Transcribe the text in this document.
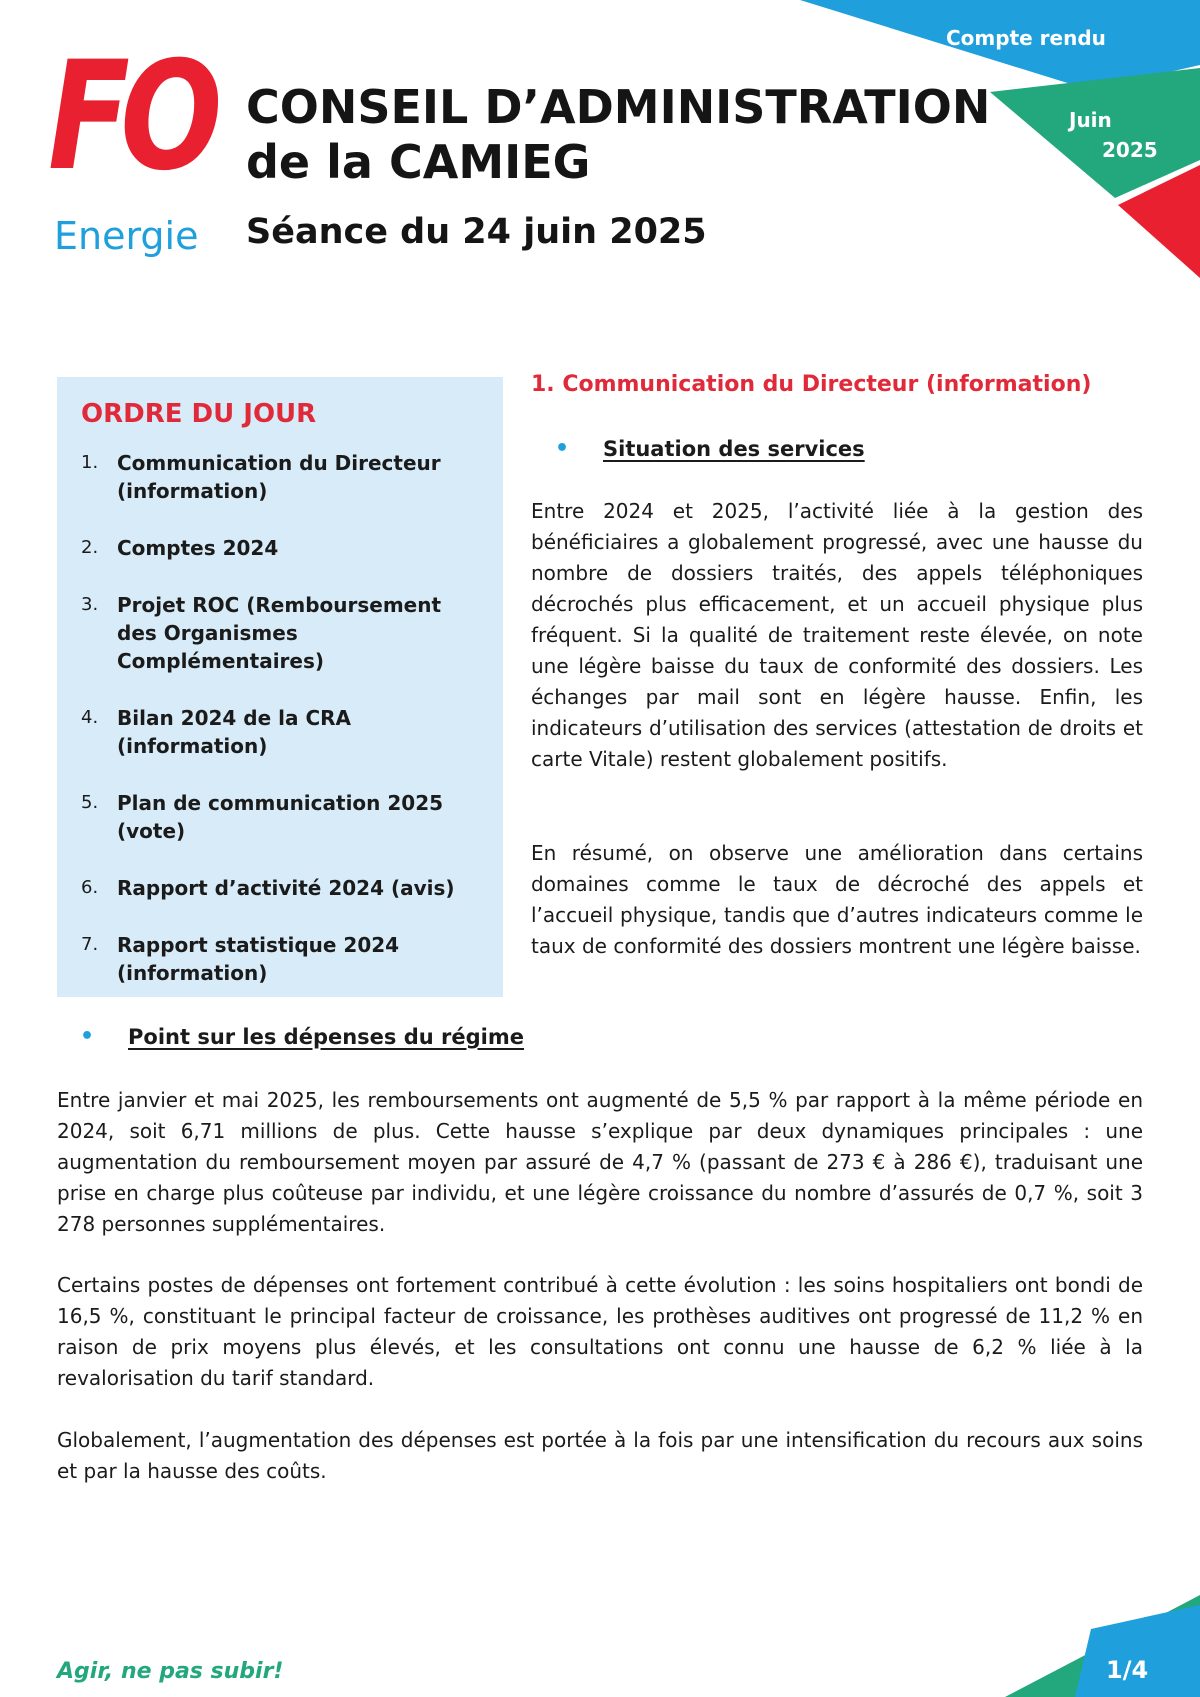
Compte rendu
Juin
2025
FO
Energie
CONSEIL D’ADMINISTRATION
de la CAMIEG
Séance du 24 juin 2025
ORDRE DU JOUR
1. Communication du Directeur (information)
2. Comptes 2024
3. Projet ROC (Remboursement des Organismes Complémentaires)
4. Bilan 2024 de la CRA (information)
5. Plan de communication 2025 (vote)
6. Rapport d’activité 2024 (avis)
7. Rapport statistique 2024 (information)
1. Communication du Directeur (information)
•	Situation des services

Entre 2024 et 2025, l’activité liée à la gestion des bénéficiaires a globalement progressé, avec une hausse du nombre de dossiers traités, des appels téléphoniques décrochés plus efficacement, et un accueil physique plus fréquent. Si la qualité de traitement reste élevée, on note une légère baisse du taux de conformité des dossiers. Les échanges par mail sont en légère hausse. Enfin, les indicateurs d’utilisation des services (attestation de droits et carte Vitale) restent globalement positifs.

En résumé, on observe une amélioration dans certains domaines comme le taux de décroché des appels et l’accueil physique, tandis que d’autres indicateurs comme le taux de conformité des dossiers montrent une légère baisse.

•	Point sur les dépenses du régime

Entre janvier et mai 2025, les remboursements ont augmenté de 5,5 % par rapport à la même période en 2024, soit 6,71 millions de plus. Cette hausse s’explique par deux dynamiques principales : une augmentation du remboursement moyen par assuré de 4,7 % (passant de 273 € à 286 €), traduisant une prise en charge plus coûteuse par individu, et une légère croissance du nombre d’assurés de 0,7 %, soit 3 278 personnes supplémentaires.

Certains postes de dépenses ont fortement contribué à cette évolution : les soins hospitaliers ont bondi de 16,5 %, constituant le principal facteur de croissance, les prothèses auditives ont progressé de 11,2 % en raison de prix moyens plus élevés, et les consultations ont connu une hausse de 6,2 % liée à la revalorisation du tarif standard.

Globalement, l’augmentation des dépenses est portée à la fois par une intensification du recours aux soins et par la hausse des coûts.

Agir, ne pas subir!	1/4
